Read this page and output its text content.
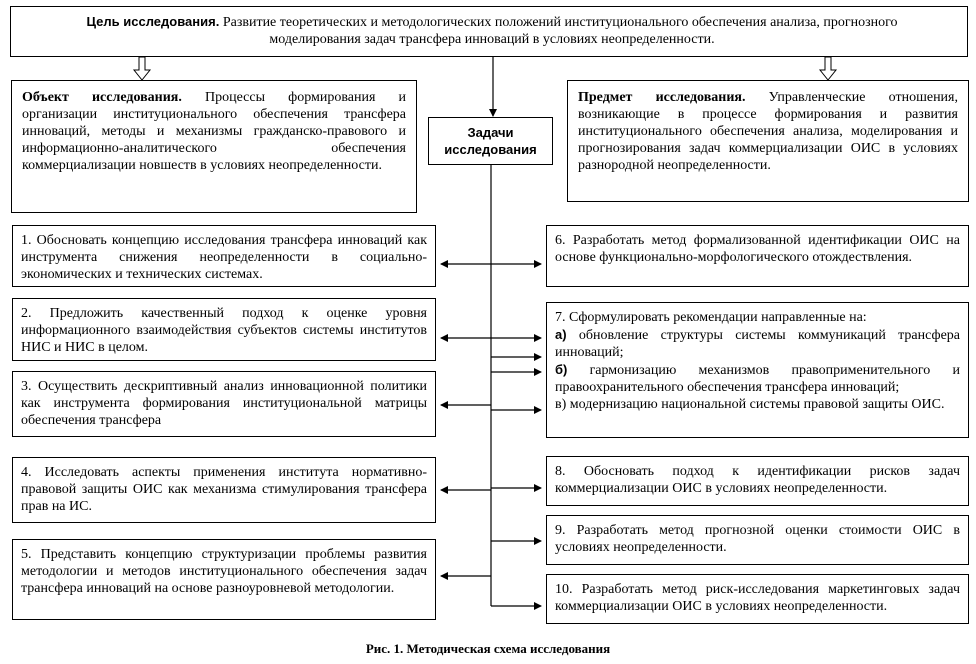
Цель исследования. Развитие теоретических и методологических положений институционального обеспечения анализа, прогнозного
моделирования задач трансфера инноваций в условиях неопределенности.
Объект исследования. Процессы формирования и организации институционального обеспечения трансфера инноваций, методы и механизмы гражданско-правового и информационно-аналитического обеспечения коммерциализации новшеств в условиях неопределенности.
Предмет исследования. Управленческие отношения, возникающие в процессе формирования и развития институционального обеспечения анализа, моделирования и прогнозирования задач коммерциализации ОИС в условиях разнородной неопределенности.
Задачи
исследования
1. Обосновать концепцию исследования трансфера инноваций как инструмента снижения неопределенности в социально-экономических и технических системах.
2. Предложить качественный подход к оценке уровня информационного взаимодействия субъектов системы институтов НИС и НИС в целом.
3. Осуществить дескриптивный анализ инновационной политики как инструмента формирования институциональной матрицы обеспечения трансфера
4. Исследовать аспекты применения института нормативно-правовой защиты ОИС как механизма стимулирования трансфера прав на ИС.
5. Представить концепцию структуризации проблемы развития методологии и методов институционального обеспечения задач трансфера инноваций на основе разноуровневой методологии.
6. Разработать метод формализованной идентификации ОИС на основе функционально-морфологического отождествления.
7. Сформулировать рекомендации направленные на:
а) обновление структуры системы коммуникаций трансфера инноваций;
б) гармонизацию механизмов правоприменительного и правоохранительного обеспечения трансфера инноваций;
в) модернизацию национальной системы правовой защиты ОИС.
8. Обосновать подход к идентификации рисков задач коммерциализации ОИС в условиях неопределенности.
9. Разработать метод прогнозной оценки стоимости ОИС в условиях неопределенности.
10. Разработать метод риск-исследования маркетинговых задач коммерциализации ОИС в условиях неопределенности.
Рис. 1. Методическая схема исследования
